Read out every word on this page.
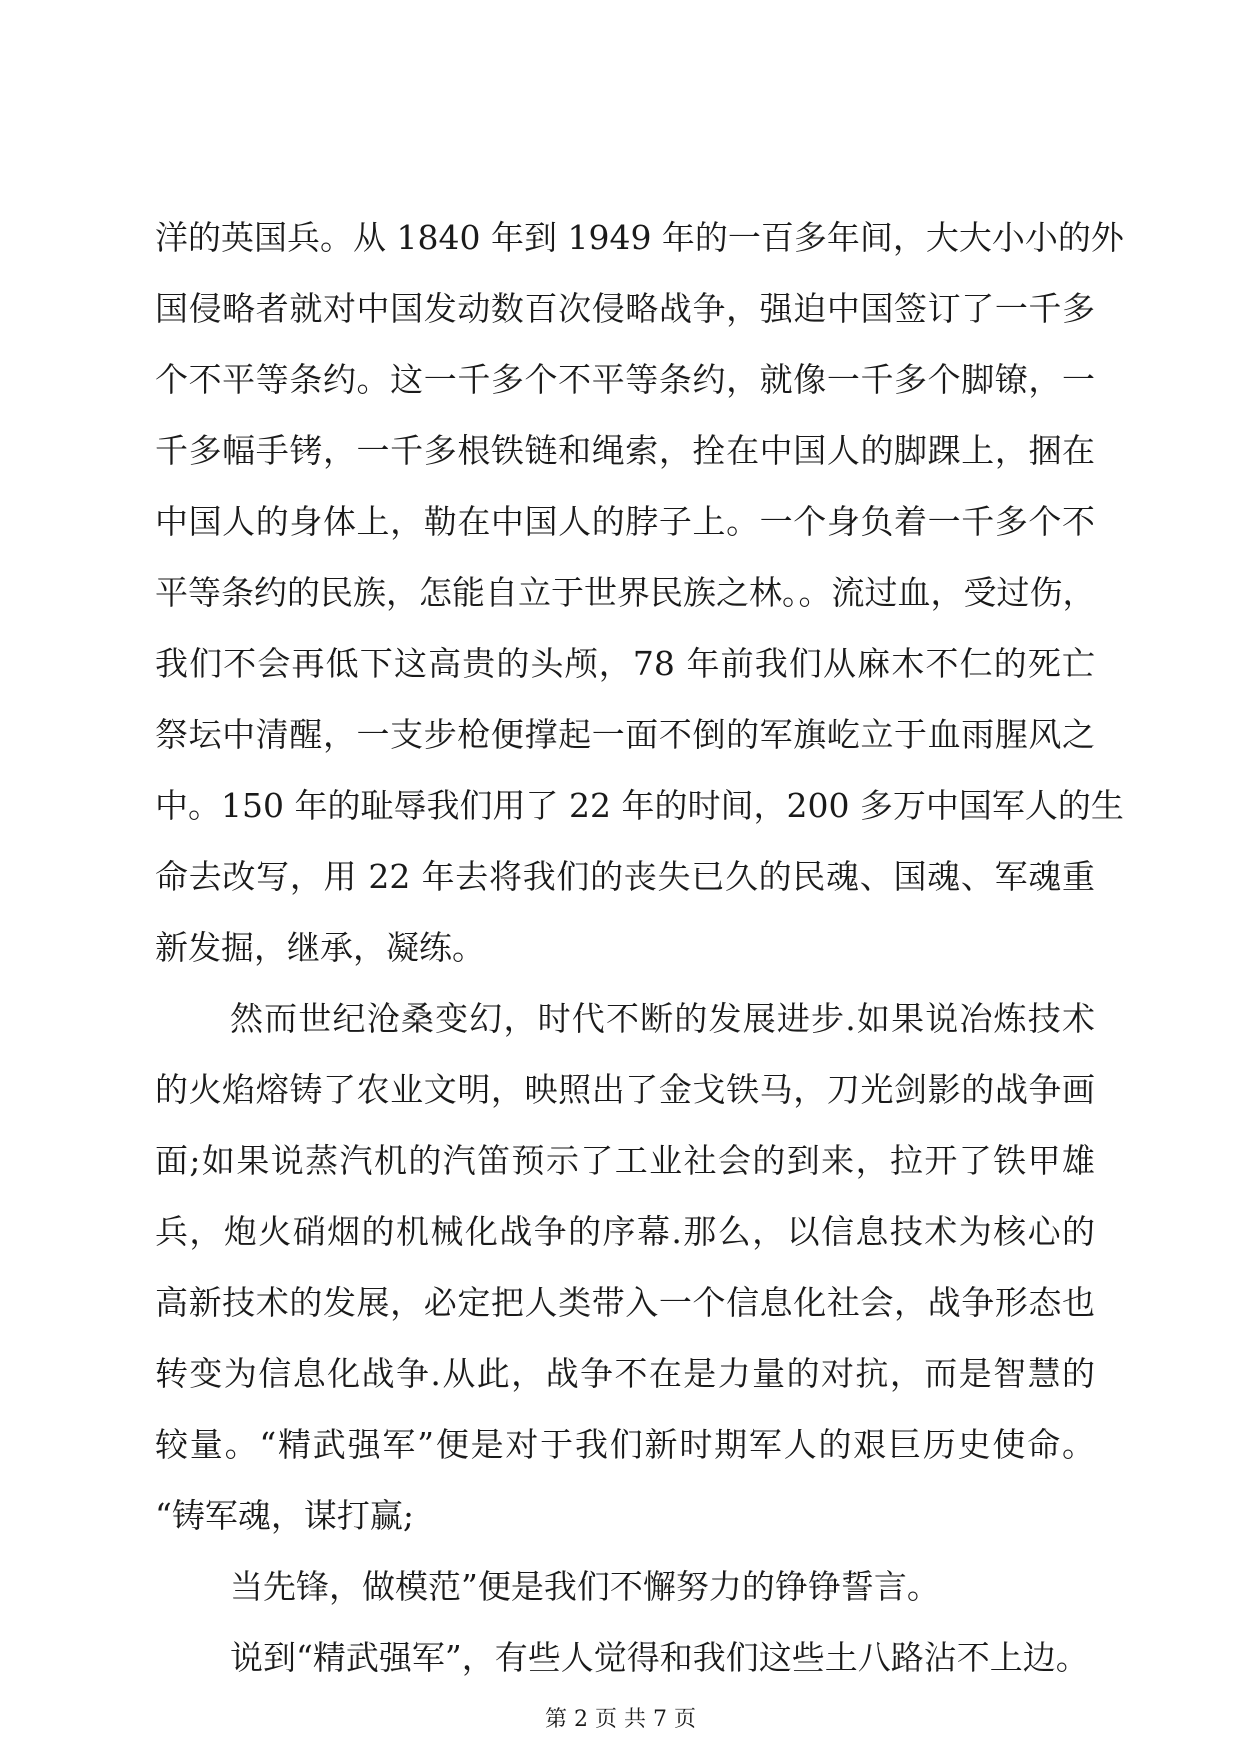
洋的英国兵。从 1840 年到 1949 年的一百多年间，大大小小的外
国侵略者就对中国发动数百次侵略战争，强迫中国签订了一千多
个不平等条约。这一千多个不平等条约，就像一千多个脚镣，一
千多幅手铐，一千多根铁链和绳索，拴在中国人的脚踝上，捆在
中国人的身体上，勒在中国人的脖子上。一个身负着一千多个不
平等条约的民族，怎能自立于世界民族之林。。流过血，受过伤，
我们不会再低下这高贵的头颅，78 年前我们从麻木不仁的死亡
祭坛中清醒，一支步枪便撑起一面不倒的军旗屹立于血雨腥风之
中。150 年的耻辱我们用了 22 年的时间，200 多万中国军人的生
命去改写，用 22 年去将我们的丧失已久的民魂、国魂、军魂重
新发掘，继承，凝练。
然而世纪沧桑变幻，时代不断的发展进步.如果说冶炼技术
的火焰熔铸了农业文明，映照出了金戈铁马，刀光剑影的战争画
面;如果说蒸汽机的汽笛预示了工业社会的到来，拉开了铁甲雄
兵，炮火硝烟的机械化战争的序幕.那么，以信息技术为核心的
高新技术的发展，必定把人类带入一个信息化社会，战争形态也
转变为信息化战争.从此，战争不在是力量的对抗，而是智慧的
较量。“精武强军”便是对于我们新时期军人的艰巨历史使命。
“铸军魂，谋打赢;
当先锋，做模范”便是我们不懈努力的铮铮誓言。
说到“精武强军”，有些人觉得和我们这些土八路沾不上边。
第 2 页 共 7 页
